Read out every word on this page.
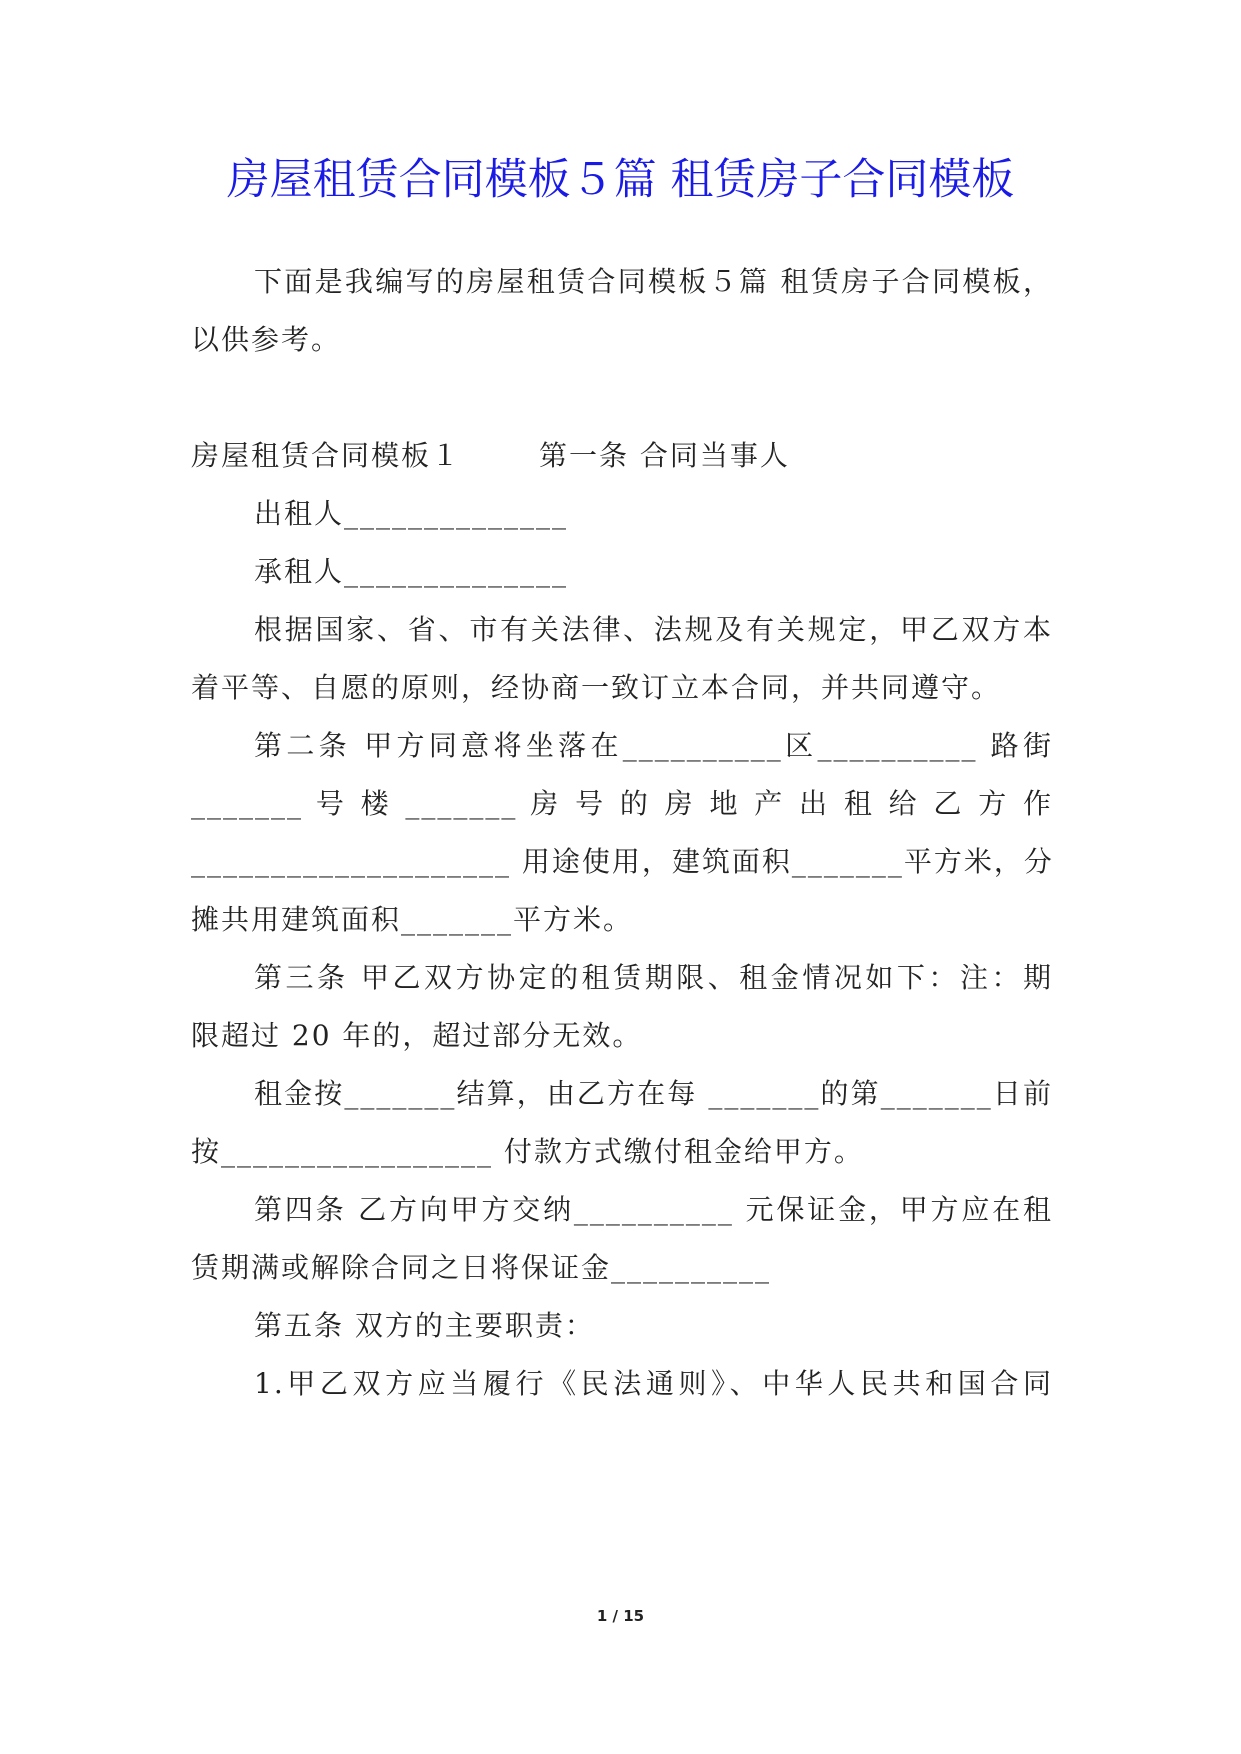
房屋租赁合同模板５篇 租赁房子合同模板
下面是我编写的房屋租赁合同模板５篇 租赁房子合同模板，
以供参考。
房屋租赁合同模板１	第一条 合同当事人
出租人______________
承租人______________
根据国家、省、市有关法律、法规及有关规定，甲乙双方本
着平等、自愿的原则，经协商一致订立本合同，并共同遵守。
第二条 甲方同意将坐落在__________区__________ 路街
_______ 号 楼 _______ 房 号 的 房 地 产 出 租 给 乙 方 作
____________________ 用途使用，建筑面积_______平方米，分
摊共用建筑面积_______平方米。
第三条 甲乙双方协定的租赁期限、租金情况如下：注：期
限超过 20 年的，超过部分无效。
租金按_______结算，由乙方在每 _______的第_______日前
按_________________ 付款方式缴付租金给甲方。
第四条 乙方向甲方交纳__________ 元保证金，甲方应在租
赁期满或解除合同之日将保证金__________
第五条 双方的主要职责：
1.甲乙双方应当履行《民法通则》、中华人民共和国合同
1 / 15
